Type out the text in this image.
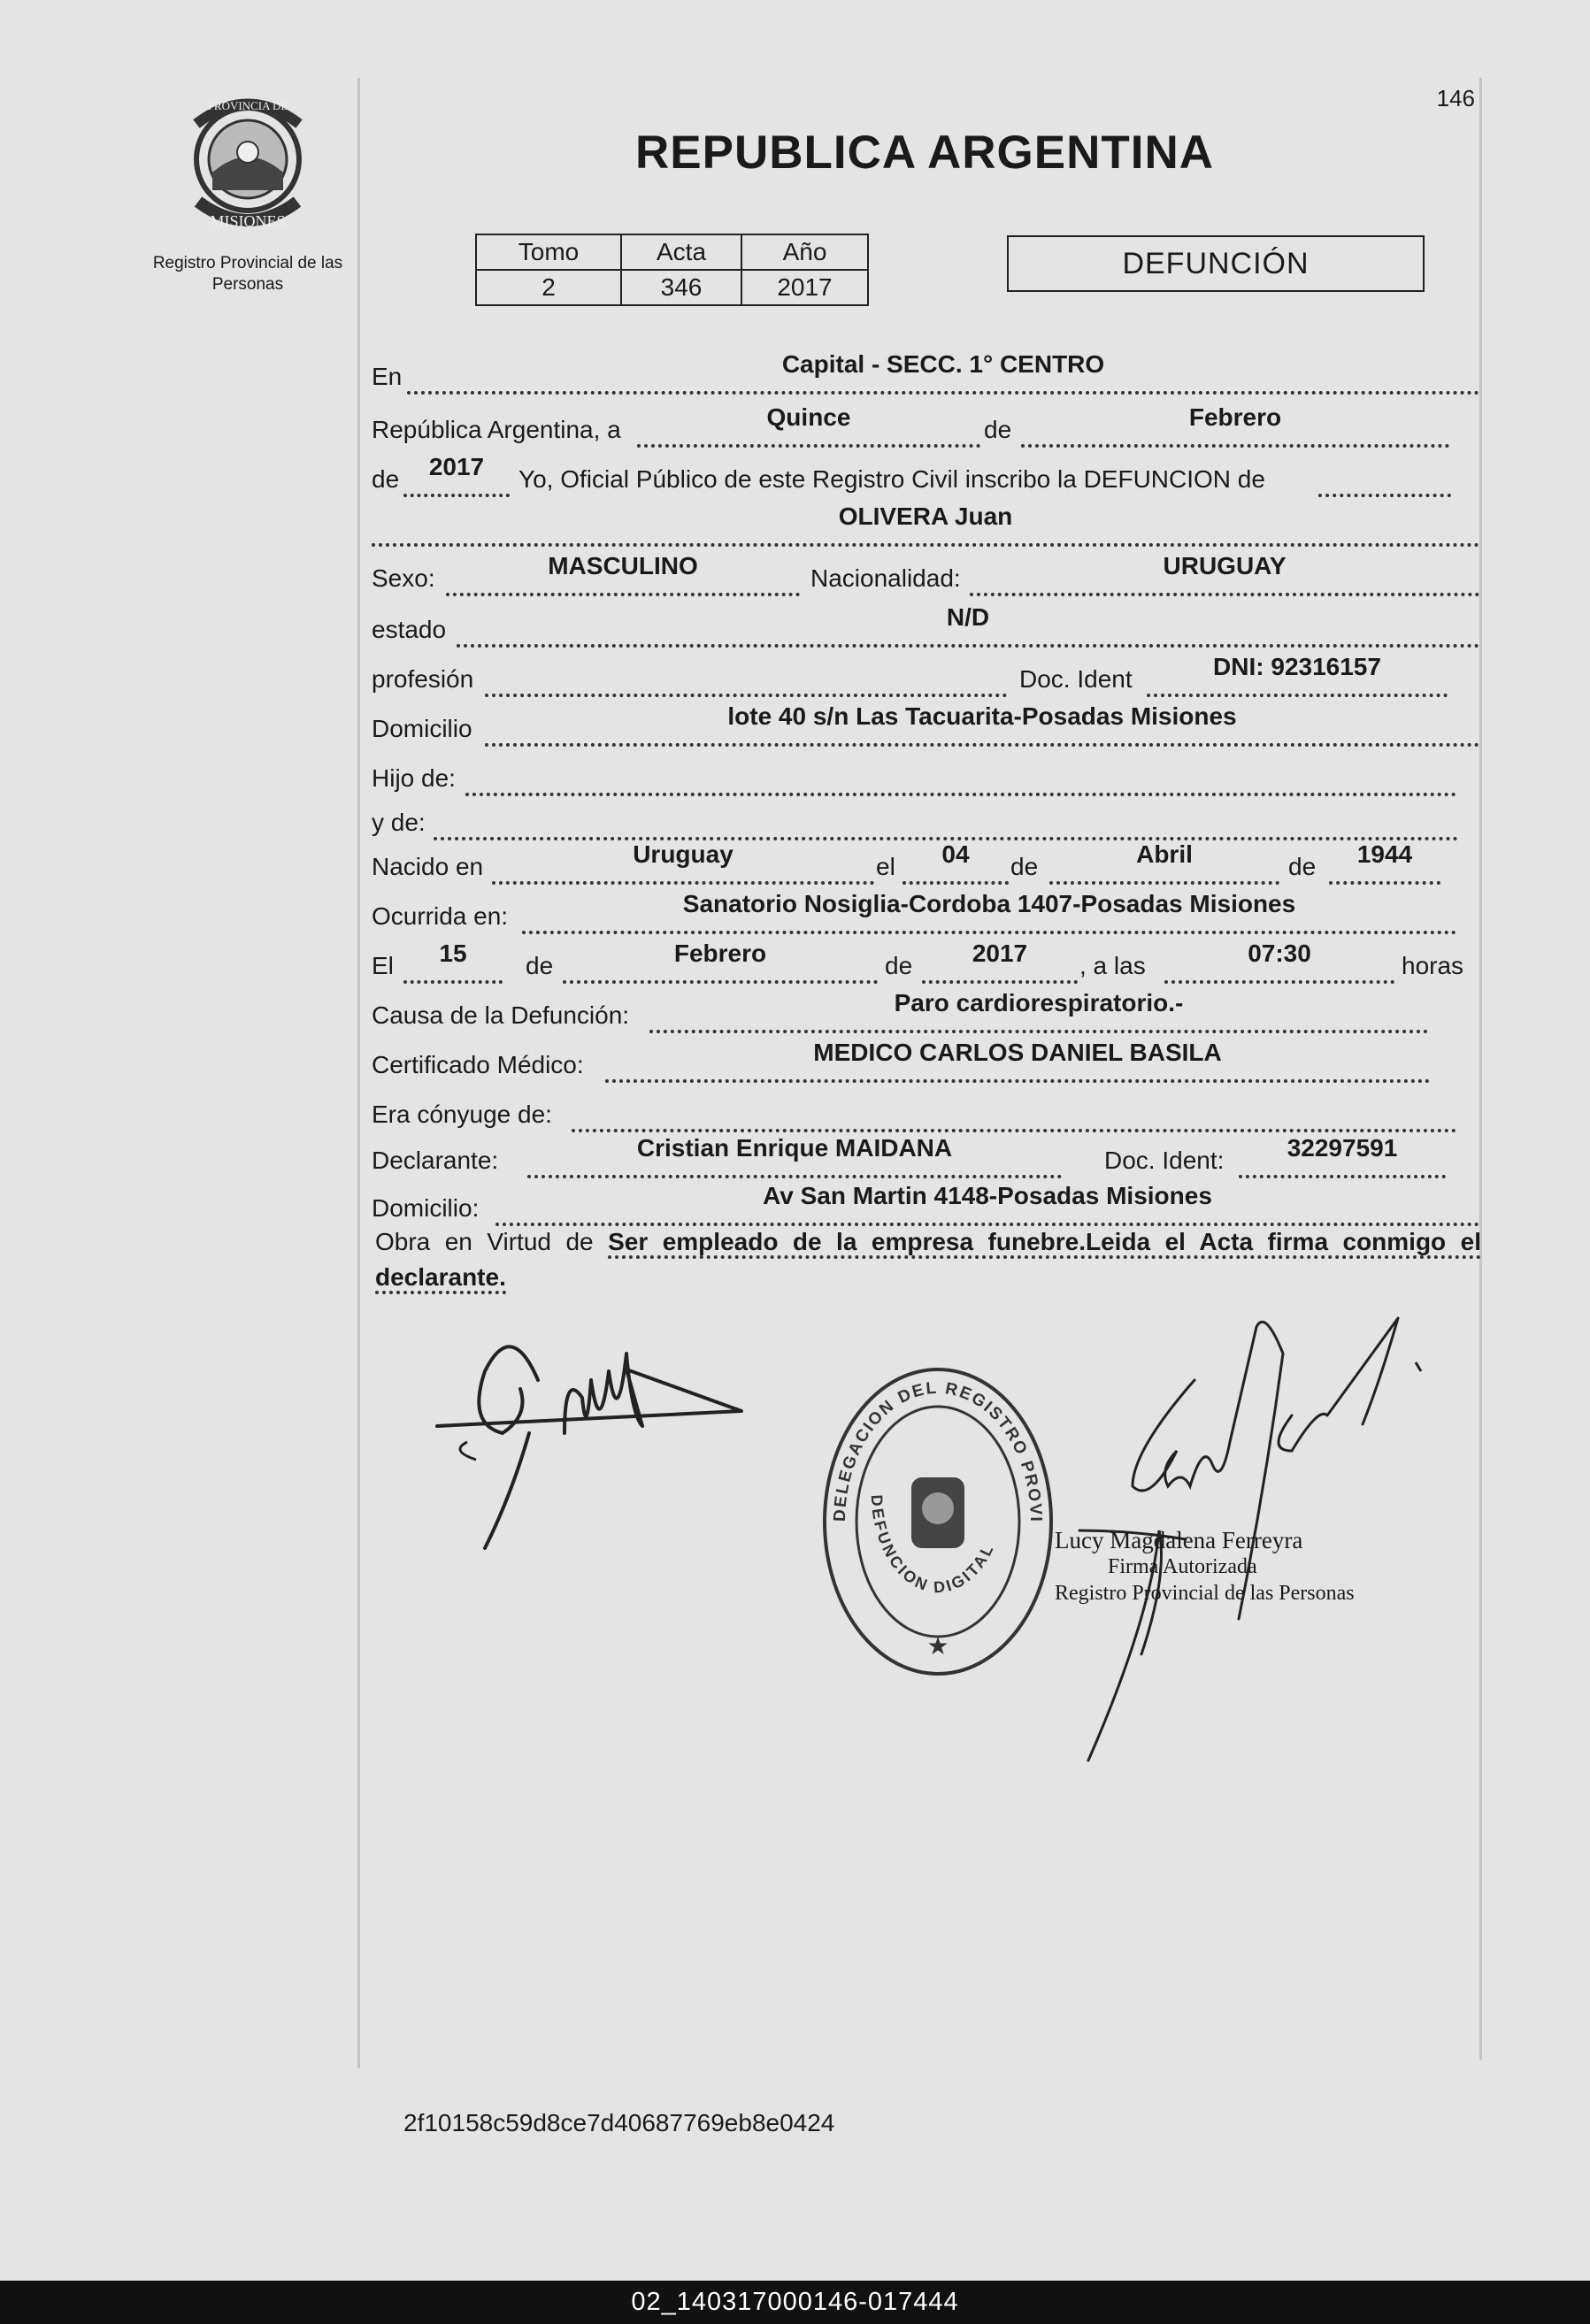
146
PROVINCIA DE
MISIONES
Registro Provincial de las Personas
REPUBLICA ARGENTINA
Tomo	Acta	Año
2	346	2017
DEFUNCIÓN
En	Capital - SECC. 1° CENTRO
República Argentina, a	Quince	de	Febrero
de	2017	Yo, Oficial Público de este Registro Civil inscribo la DEFUNCION de
OLIVERA Juan
Sexo:	MASCULINO	Nacionalidad:	URUGUAY
estado	N/D
profesión	Doc. Ident	DNI: 92316157
Domicilio	lote 40 s/n Las Tacuarita-Posadas Misiones
Hijo de:
y de:
Nacido en	Uruguay	el	04	de	Abril	de	1944
Ocurrida en:	Sanatorio Nosiglia-Cordoba 1407-Posadas Misiones
El	15	de	Febrero	de	2017	, a las	07:30	horas
Causa de la Defunción:	Paro cardiorespiratorio.-
Certificado Médico:	MEDICO CARLOS DANIEL BASILA
Era cónyuge de:
Declarante:	Cristian Enrique MAIDANA	Doc. Ident:	32297591
Domicilio:	Av San Martin 4148-Posadas Misiones
Obra en Virtud de Ser empleado de la empresa funebre.Leida el Acta firma conmigo el declarante.
DELEGACION DEL REGISTRO PROVI
DEFUNCION DIGITAL
★
Lucy Magdalena Ferreyra
Firma Autorizada
Registro Provincial de las Personas
2f10158c59d8ce7d40687769eb8e0424
02_140317000146-017444
